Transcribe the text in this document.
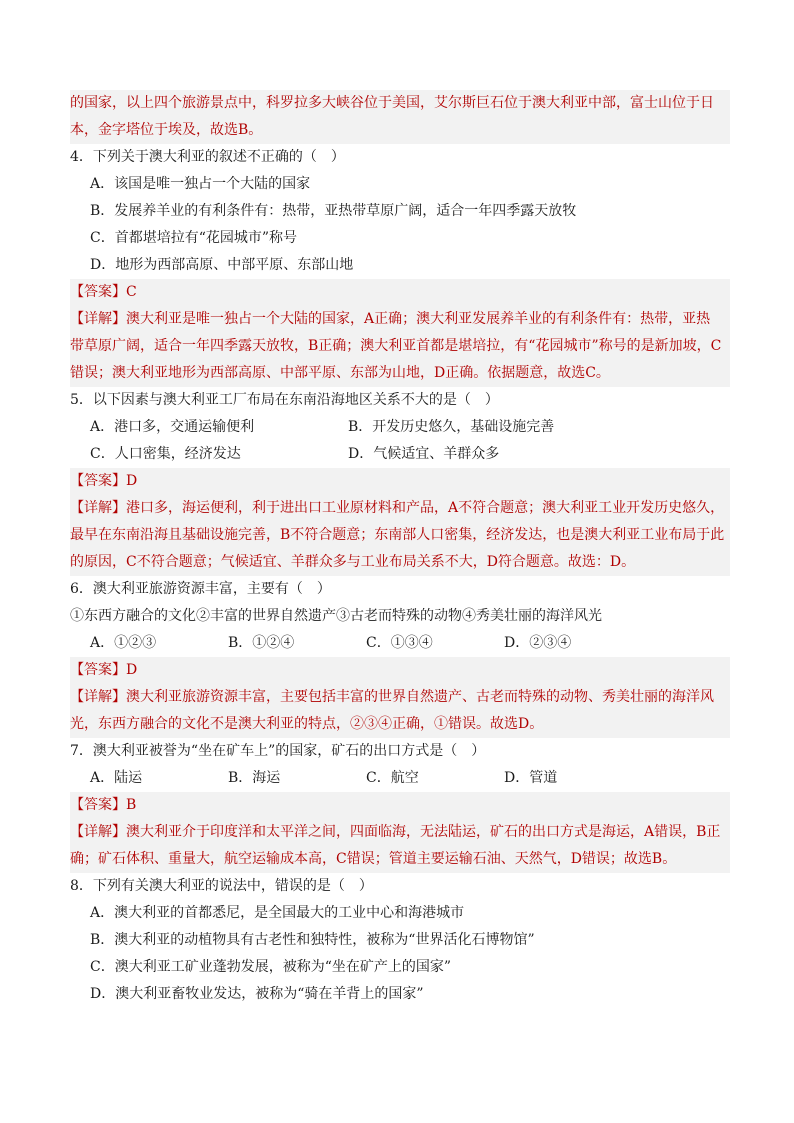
的国家，以上四个旅游景点中，科罗拉多大峡谷位于美国，艾尔斯巨石位于澳大利亚中部，富士山位于日
本，金字塔位于埃及，故选B。
4．下列关于澳大利亚的叙述不正确的（　）
A．该国是唯一独占一个大陆的国家
B．发展养羊业的有利条件有：热带，亚热带草原广阔，适合一年四季露天放牧
C．首都堪培拉有“花园城市”称号
D．地形为西部高原、中部平原、东部山地
【答案】C
【详解】澳大利亚是唯一独占一个大陆的国家，A正确；澳大利亚发展养羊业的有利条件有：热带，亚热
带草原广阔，适合一年四季露天放牧，B正确；澳大利亚首都是堪培拉，有“花园城市”称号的是新加坡，C
错误；澳大利亚地形为西部高原、中部平原、东部为山地，D正确。依据题意，故选C。
5．以下因素与澳大利亚工厂布局在东南沿海地区关系不大的是（　）
A．港口多，交通运输便利	B．开发历史悠久，基础设施完善
C．人口密集，经济发达	D．气候适宜、羊群众多
【答案】D
【详解】港口多，海运便利，利于进出口工业原材料和产品，A不符合题意；澳大利亚工业开发历史悠久，
最早在东南沿海且基础设施完善，B不符合题意；东南部人口密集，经济发达，也是澳大利亚工业布局于此
的原因，C不符合题意；气候适宜、羊群众多与工业布局关系不大，D符合题意。故选：D。
6．澳大利亚旅游资源丰富，主要有（　）
①东西方融合的文化②丰富的世界自然遗产③古老而特殊的动物④秀美壮丽的海洋风光
A．①②③	B．①②④	C．①③④	D．②③④
【答案】D
【详解】澳大利亚旅游资源丰富，主要包括丰富的世界自然遗产、古老而特殊的动物、秀美壮丽的海洋风
光，东西方融合的文化不是澳大利亚的特点，②③④正确，①错误。故选D。
7．澳大利亚被誉为“坐在矿车上”的国家，矿石的出口方式是（　）
A．陆运	B．海运	C．航空	D．管道
【答案】B
【详解】澳大利亚介于印度洋和太平洋之间，四面临海，无法陆运，矿石的出口方式是海运，A错误，B正
确；矿石体积、重量大，航空运输成本高，C错误；管道主要运输石油、天然气，D错误；故选B。
8．下列有关澳大利亚的说法中，错误的是（　）
A．澳大利亚的首都悉尼，是全国最大的工业中心和海港城市
B．澳大利亚的动植物具有古老性和独特性，被称为“世界活化石博物馆”
C．澳大利亚工矿业蓬勃发展，被称为“坐在矿产上的国家”
D．澳大利亚畜牧业发达，被称为“骑在羊背上的国家”
